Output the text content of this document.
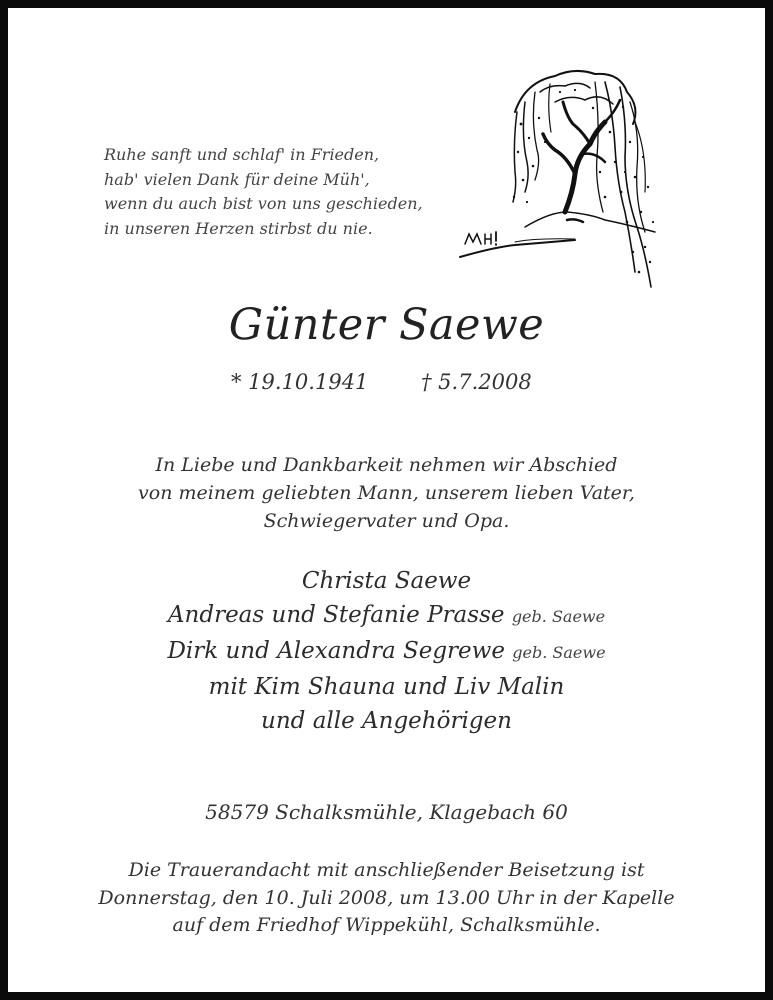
Ruhe sanft und schlaf' in Frieden,
hab' vielen Dank für deine Müh',
wenn du auch bist von uns geschieden,
in unseren Herzen stirbst du nie.
Günter Saewe
* 19.10.1941	† 5.7.2008
In Liebe und Dankbarkeit nehmen wir Abschied
von meinem geliebten Mann, unserem lieben Vater,
Schwiegervater und Opa.
Christa Saewe
Andreas und Stefanie Prasse geb. Saewe
Dirk und Alexandra Segrewe geb. Saewe
mit Kim Shauna und Liv Malin
und alle Angehörigen
58579 Schalksmühle, Klagebach 60
Die Trauerandacht mit anschließender Beisetzung ist
Donnerstag, den 10. Juli 2008, um 13.00 Uhr in der Kapelle
auf dem Friedhof Wippekühl, Schalksmühle.
